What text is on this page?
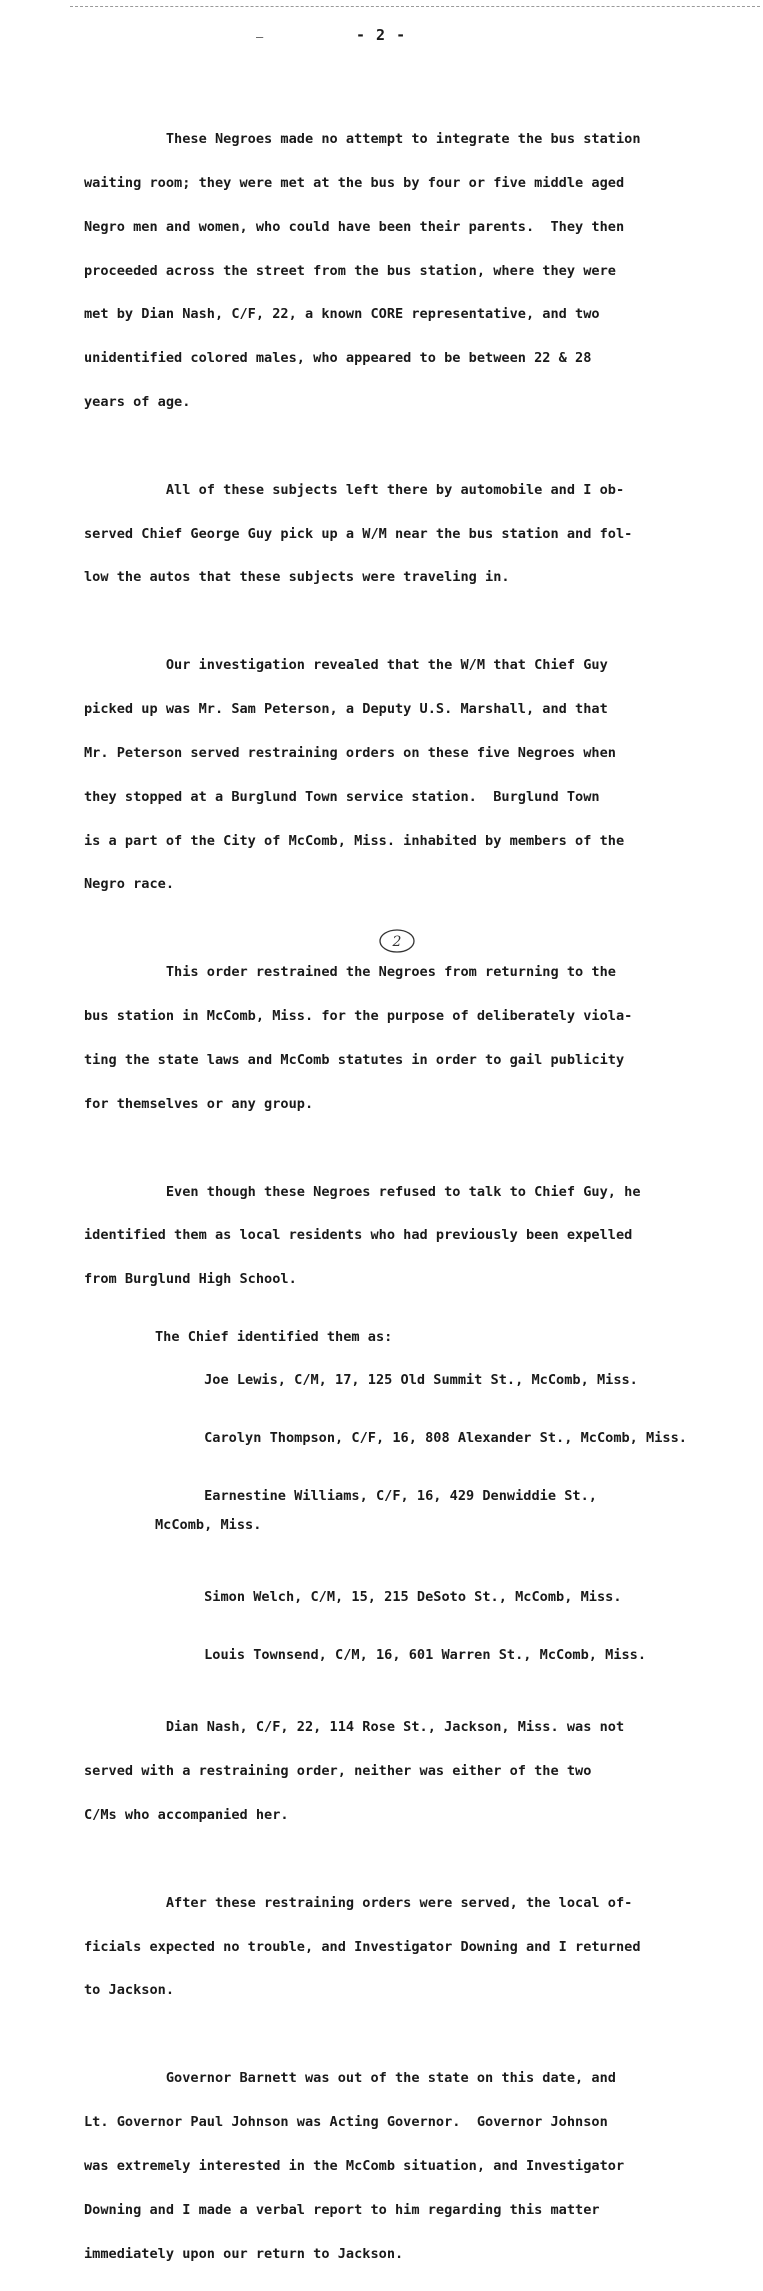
‒	- 2 -

These Negroes made no attempt to integrate the bus station

waiting room; they were met at the bus by four or five middle aged

Negro men and women, who could have been their parents.  They then

proceeded across the street from the bus station, where they were

met by Dian Nash, C/F, 22, a known CORE representative, and two

unidentified colored males, who appeared to be between 22 & 28

years of age.

All of these subjects left there by automobile and I ob-

served Chief George Guy pick up a W/M near the bus station and fol-

low the autos that these subjects were traveling in.

Our investigation revealed that the W/M that Chief Guy

picked up was Mr. Sam Peterson, a Deputy U.S. Marshall, and that

Mr. Peterson served restraining orders on these five Negroes when

they stopped at a Burglund Town service station.  Burglund Town

is a part of the City of McComb, Miss. inhabited by members of the

Negro race.

This order restrained the Negroes from returning to the

bus station in McComb, Miss. for the purpose of deliberately viola-

ting the state laws and McComb statutes in order to gail publicity

for themselves or any group.

Even though these Negroes refused to talk to Chief Guy, he

identified them as local residents who had previously been expelled

from Burglund High School.

The Chief identified them as:

Joe Lewis, C/M, 17, 125 Old Summit St., McComb, Miss.

Carolyn Thompson, C/F, 16, 808 Alexander St., McComb, Miss.

Earnestine Williams, C/F, 16, 429 Denwiddie St.,

McComb, Miss.

Simon Welch, C/M, 15, 215 DeSoto St., McComb, Miss.

Louis Townsend, C/M, 16, 601 Warren St., McComb, Miss.

Dian Nash, C/F, 22, 114 Rose St., Jackson, Miss. was not

served with a restraining order, neither was either of the two

C/Ms who accompanied her.

After these restraining orders were served, the local of-

ficials expected no trouble, and Investigator Downing and I returned

to Jackson.

Governor Barnett was out of the state on this date, and

Lt. Governor Paul Johnson was Acting Governor.  Governor Johnson

was extremely interested in the McComb situation, and Investigator

Downing and I made a verbal report to him regarding this matter

immediately upon our return to Jackson.

2
